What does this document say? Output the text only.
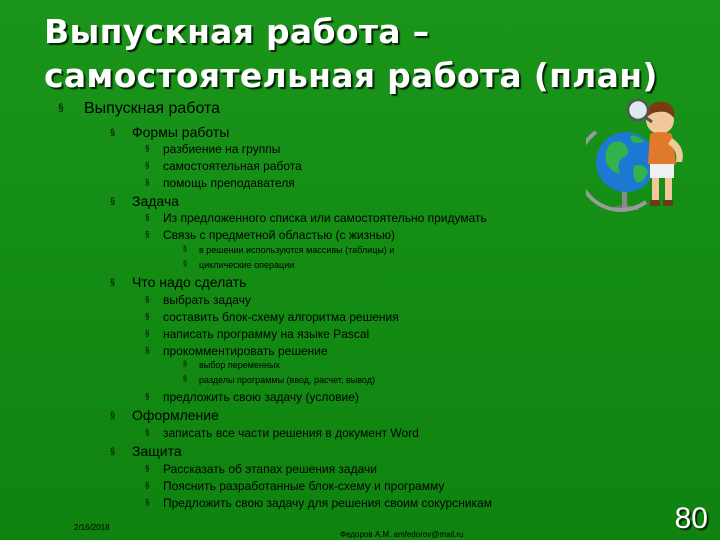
Выпускная работа –
самостоятельная работа (план)
§ Выпускная работа
§ Формы работы
§ разбиение на группы
§ самостоятельная работа
§ помощь преподавателя
§ Задача
§ Из предложенного списка или самостоятельно придумать
§ Связь с предметной областью (с жизнью)
§ в решении используются массивы (таблицы) и
§ циклические операции
§ Что надо сделать
§ выбрать задачу
§ составить блок-схему алгоритма решения
§ написать программу на языке Pascal
§ прокомментировать решение
§ выбор переменных
§ разделы программы (ввод, расчет, вывод)
§ предложить свою задачу (условие)
§ Оформление
§ записать все части решения в документ Word
§ Защита
§ Рассказать об этапах решения задачи
§ Пояснить разработанные блок-схему и программу
§ Предложить свою задачу для решения своим сокурсникам
2/16/2018
Федоров А.М. amfedorov@mail.ru	80
